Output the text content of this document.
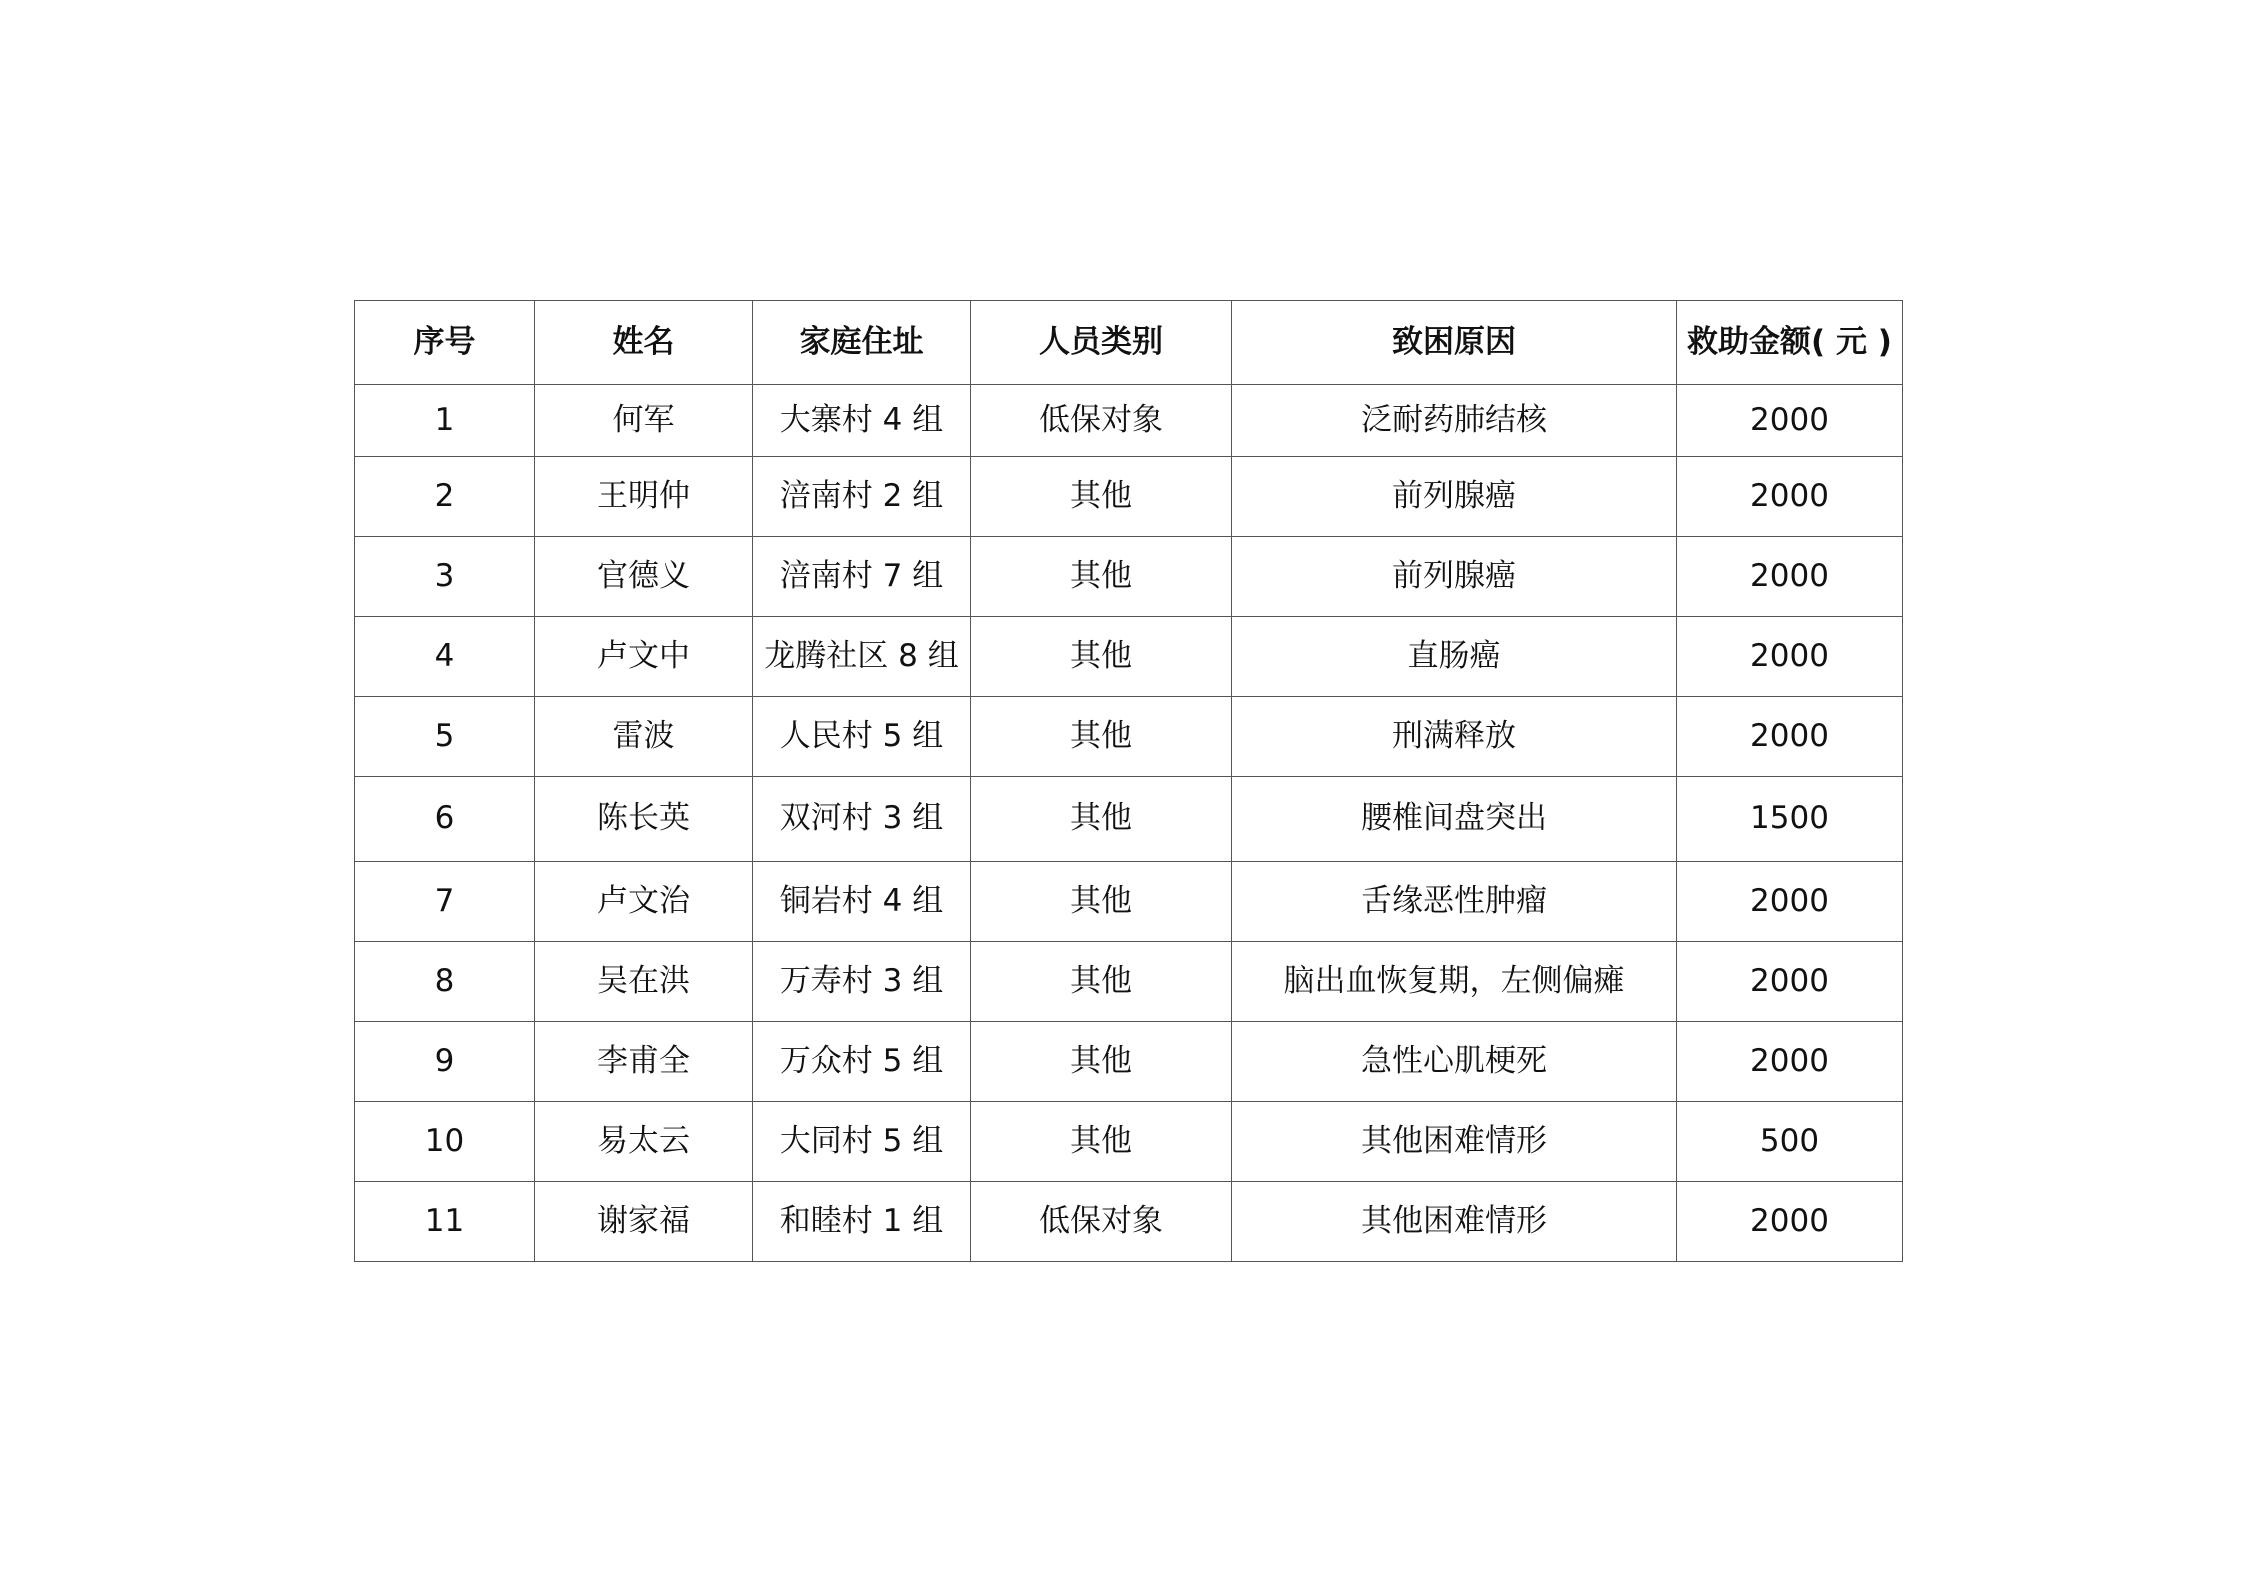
序号	姓名	家庭住址	人员类别	致困原因	救助金额( 元 )
1	何军	大寨村 4 组	低保对象	泛耐药肺结核	2000
2	王明仲	涪南村 2 组	其他	前列腺癌	2000
3	官德义	涪南村 7 组	其他	前列腺癌	2000
4	卢文中	龙腾社区 8 组	其他	直肠癌	2000
5	雷波	人民村 5 组	其他	刑满释放	2000
6	陈长英	双河村 3 组	其他	腰椎间盘突出	1500
7	卢文治	铜岩村 4 组	其他	舌缘恶性肿瘤	2000
8	吴在洪	万寿村 3 组	其他	脑出血恢复期，左侧偏瘫	2000
9	李甫全	万众村 5 组	其他	急性心肌梗死	2000
10	易太云	大同村 5 组	其他	其他困难情形	500
11	谢家福	和睦村 1 组	低保对象	其他困难情形	2000
